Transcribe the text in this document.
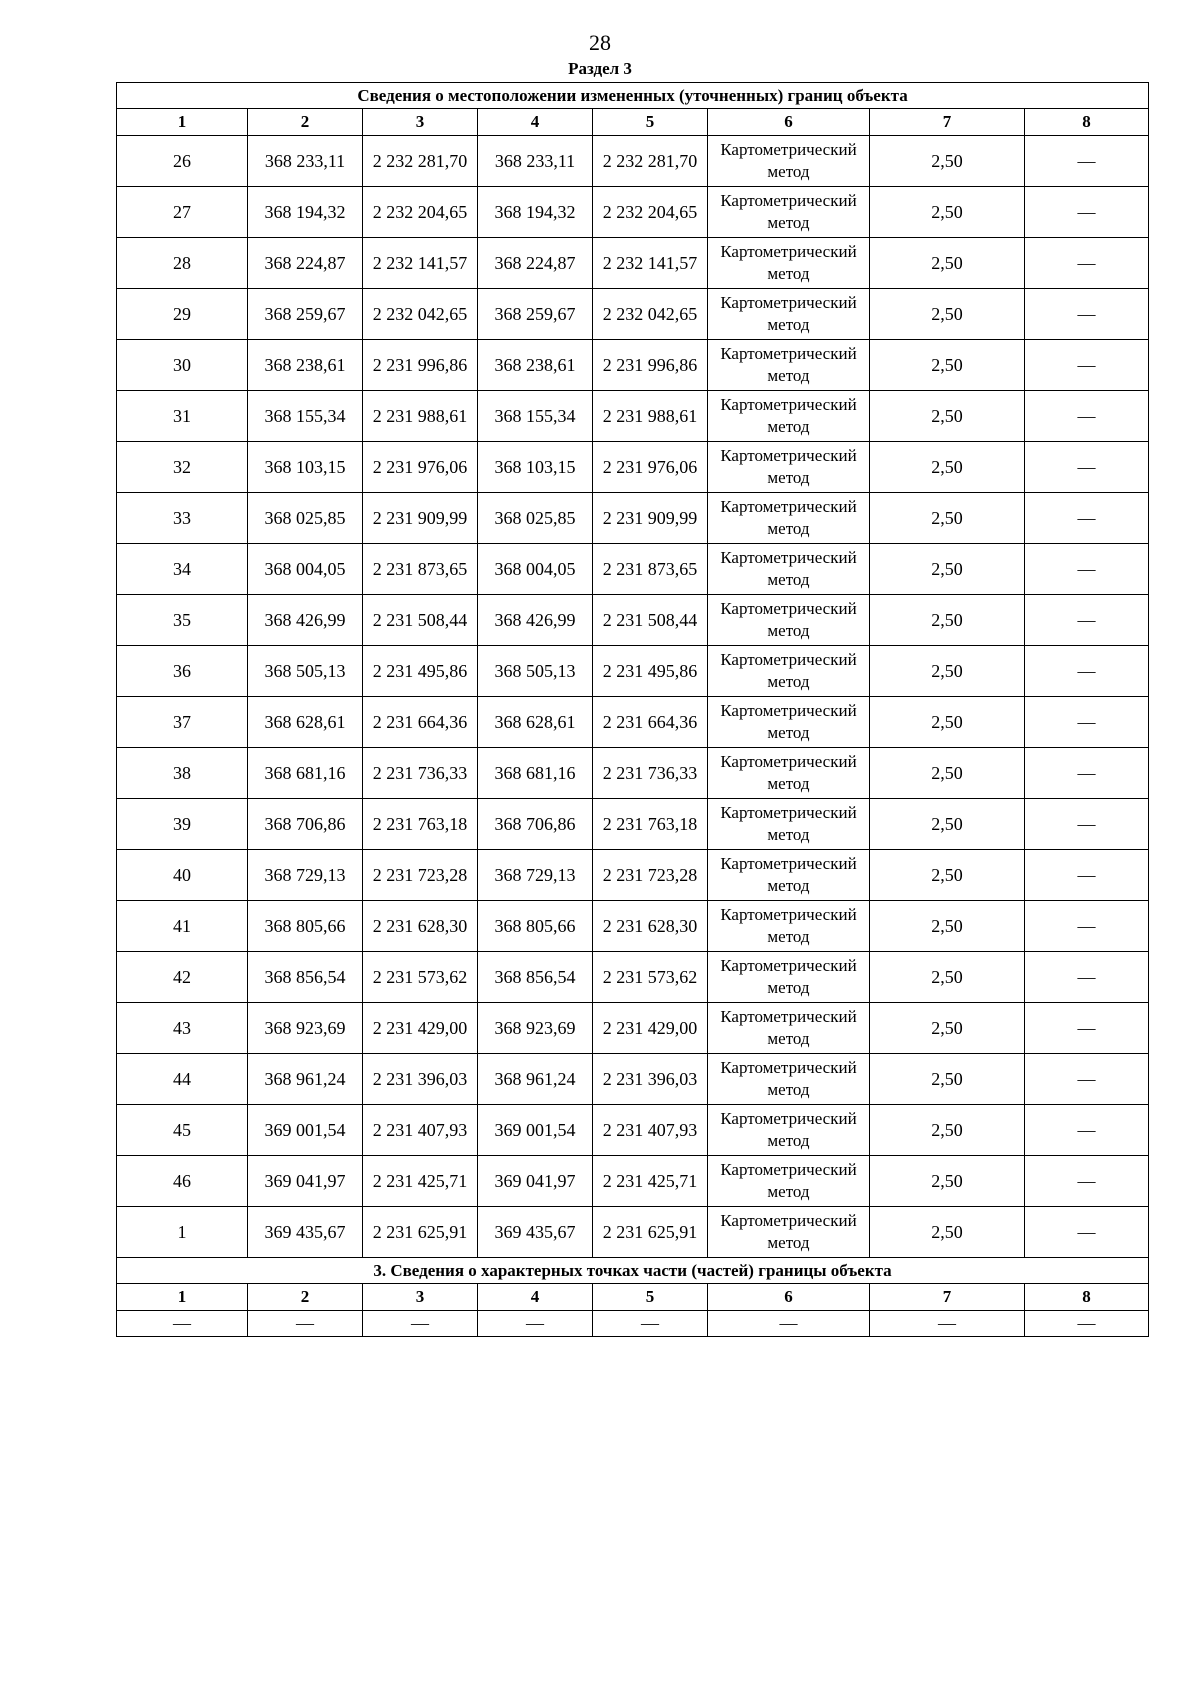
28
Раздел 3
Сведения о местоположении измененных (уточненных) границ объекта							
1	2	3	4	5	6	7	8
26	368 233,11	2 232 281,70	368 233,11	2 232 281,70	Картометрический метод	2,50	—
27	368 194,32	2 232 204,65	368 194,32	2 232 204,65	Картометрический метод	2,50	—
28	368 224,87	2 232 141,57	368 224,87	2 232 141,57	Картометрический метод	2,50	—
29	368 259,67	2 232 042,65	368 259,67	2 232 042,65	Картометрический метод	2,50	—
30	368 238,61	2 231 996,86	368 238,61	2 231 996,86	Картометрический метод	2,50	—
31	368 155,34	2 231 988,61	368 155,34	2 231 988,61	Картометрический метод	2,50	—
32	368 103,15	2 231 976,06	368 103,15	2 231 976,06	Картометрический метод	2,50	—
33	368 025,85	2 231 909,99	368 025,85	2 231 909,99	Картометрический метод	2,50	—
34	368 004,05	2 231 873,65	368 004,05	2 231 873,65	Картометрический метод	2,50	—
35	368 426,99	2 231 508,44	368 426,99	2 231 508,44	Картометрический метод	2,50	—
36	368 505,13	2 231 495,86	368 505,13	2 231 495,86	Картометрический метод	2,50	—
37	368 628,61	2 231 664,36	368 628,61	2 231 664,36	Картометрический метод	2,50	—
38	368 681,16	2 231 736,33	368 681,16	2 231 736,33	Картометрический метод	2,50	—
39	368 706,86	2 231 763,18	368 706,86	2 231 763,18	Картометрический метод	2,50	—
40	368 729,13	2 231 723,28	368 729,13	2 231 723,28	Картометрический метод	2,50	—
41	368 805,66	2 231 628,30	368 805,66	2 231 628,30	Картометрический метод	2,50	—
42	368 856,54	2 231 573,62	368 856,54	2 231 573,62	Картометрический метод	2,50	—
43	368 923,69	2 231 429,00	368 923,69	2 231 429,00	Картометрический метод	2,50	—
44	368 961,24	2 231 396,03	368 961,24	2 231 396,03	Картометрический метод	2,50	—
45	369 001,54	2 231 407,93	369 001,54	2 231 407,93	Картометрический метод	2,50	—
46	369 041,97	2 231 425,71	369 041,97	2 231 425,71	Картометрический метод	2,50	—
1	369 435,67	2 231 625,91	369 435,67	2 231 625,91	Картометрический метод	2,50	—
3. Сведения о характерных точках части (частей) границы объекта							
1	2	3	4	5	6	7	8
—	—	—	—	—	—	—	—
